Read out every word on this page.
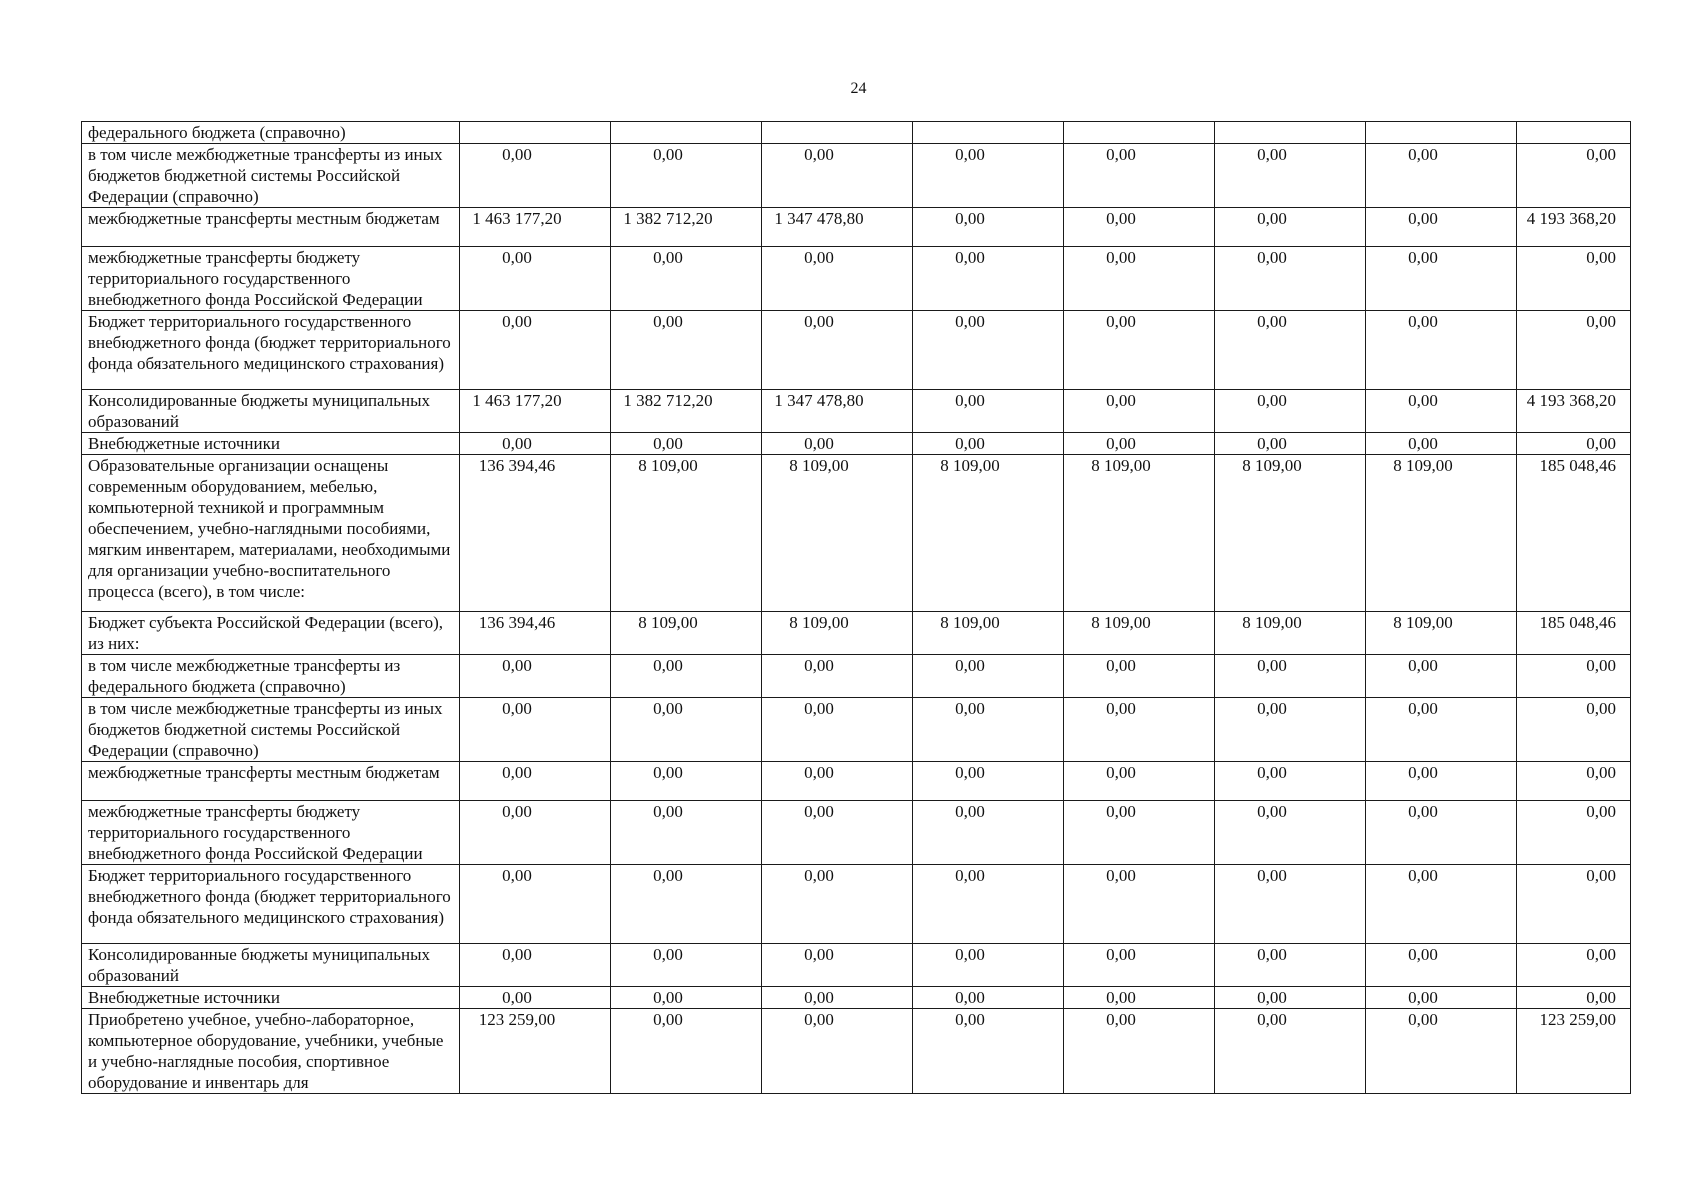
24
федерального бюджета (справочно)								
в том числе межбюджетные трансферты из иных бюджетов бюджетной системы Российской Федерации (справочно)	0,00	0,00	0,00	0,00	0,00	0,00	0,00	0,00
межбюджетные трансферты местным бюджетам	1 463 177,20	1 382 712,20	1 347 478,80	0,00	0,00	0,00	0,00	4 193 368,20
межбюджетные трансферты бюджету территориального государственного внебюджетного фонда Российской Федерации	0,00	0,00	0,00	0,00	0,00	0,00	0,00	0,00
Бюджет территориального государственного внебюджетного фонда (бюджет территориального фонда обязательного медицинского страхования)	0,00	0,00	0,00	0,00	0,00	0,00	0,00	0,00
Консолидированные бюджеты муниципальных образований	1 463 177,20	1 382 712,20	1 347 478,80	0,00	0,00	0,00	0,00	4 193 368,20
Внебюджетные источники	0,00	0,00	0,00	0,00	0,00	0,00	0,00	0,00
Образовательные организации оснащены современным оборудованием, мебелью, компьютерной техникой и программным обеспечением, учебно-наглядными пособиями, мягким инвентарем, материалами, необходимыми для организации учебно-воспитательного процесса (всего), в том числе:	136 394,46	8 109,00	8 109,00	8 109,00	8 109,00	8 109,00	8 109,00	185 048,46
Бюджет субъекта Российской Федерации (всего), из них:	136 394,46	8 109,00	8 109,00	8 109,00	8 109,00	8 109,00	8 109,00	185 048,46
в том числе межбюджетные трансферты из федерального бюджета (справочно)	0,00	0,00	0,00	0,00	0,00	0,00	0,00	0,00
в том числе межбюджетные трансферты из иных бюджетов бюджетной системы Российской Федерации (справочно)	0,00	0,00	0,00	0,00	0,00	0,00	0,00	0,00
межбюджетные трансферты местным бюджетам	0,00	0,00	0,00	0,00	0,00	0,00	0,00	0,00
межбюджетные трансферты бюджету территориального государственного внебюджетного фонда Российской Федерации	0,00	0,00	0,00	0,00	0,00	0,00	0,00	0,00
Бюджет территориального государственного внебюджетного фонда (бюджет территориального фонда обязательного медицинского страхования)	0,00	0,00	0,00	0,00	0,00	0,00	0,00	0,00
Консолидированные бюджеты муниципальных образований	0,00	0,00	0,00	0,00	0,00	0,00	0,00	0,00
Внебюджетные источники	0,00	0,00	0,00	0,00	0,00	0,00	0,00	0,00
Приобретено учебное, учебно-лабораторное, компьютерное оборудование, учебники, учебные и учебно-наглядные пособия, спортивное оборудование и инвентарь для	123 259,00	0,00	0,00	0,00	0,00	0,00	0,00	123 259,00
